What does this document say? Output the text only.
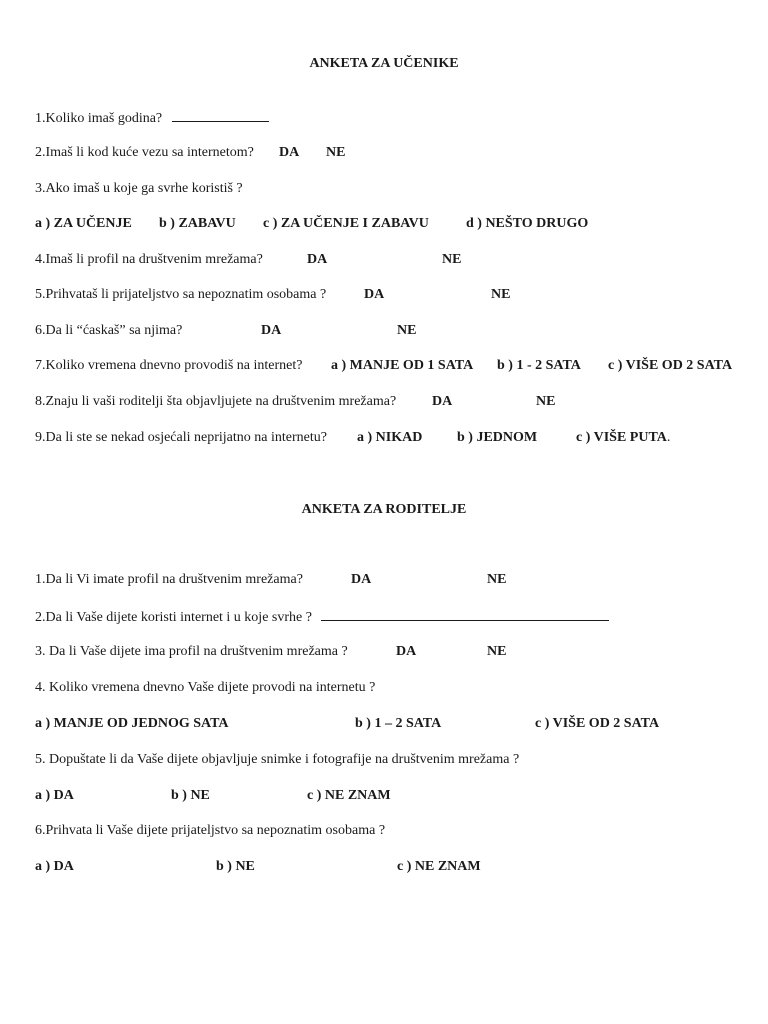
ANKETA ZA UČENIKE
1.Koliko imaš godina?
2.Imaš li kod kuće vezu sa internetom? DA NE
3.Ako imaš u koje ga svrhe koristiš ?
a ) ZA UČENJE b ) ZABAVU c ) ZA UČENJE I ZABAVU	d ) NEŠTO DRUGO
4.Imaš li profil na društvenim mrežama?	DA	NE
5.Prihvataš li prijateljstvo sa nepoznatim osobama ?	DA	NE
6.Da li “ćaskaš” sa njima?	DA	NE
7.Koliko vremena dnevno provodiš na internet? a ) MANJE OD 1 SATA b ) 1 - 2 SATA c ) VIŠE OD 2 SATA
8.Znaju li vaši roditelji šta objavljujete na društvenim mrežama?	DA	NE
9.Da li ste se nekad osjećali neprijatno na internetu? a ) NIKAD b ) JEDNOM	c ) VIŠE PUTA.
ANKETA ZA RODITELJE
1.Da li Vi imate profil na društvenim mrežama?	DA	NE
2.Da li Vaše dijete koristi internet i u koje svrhe ?
3. Da li Vaše dijete ima profil na društvenim mrežama ?	DA	NE
4. Koliko vremena dnevno Vaše dijete provodi na internetu ?
a ) MANJE OD JEDNOG SATA	b ) 1 – 2 SATA	c ) VIŠE OD 2 SATA
5. Dopuštate li da Vaše dijete objavljuje snimke i fotografije na društvenim mrežama ?
a ) DA	b ) NE	c ) NE ZNAM
6.Prihvata li Vaše dijete prijateljstvo sa nepoznatim osobama ?
a ) DA	b ) NE	c ) NE ZNAM
